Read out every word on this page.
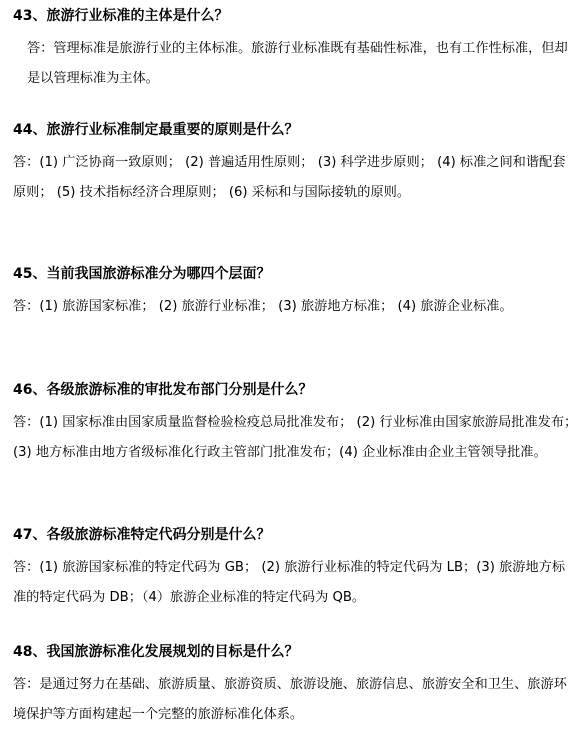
43、旅游行业标准的主体是什么？
答：管理标准是旅游行业的主体标准。旅游行业标准既有基础性标准，也有工作性标准，但却是以管理标准为主体。
44、旅游行业标准制定最重要的原则是什么？
答：(1) 广泛协商一致原则； (2) 普遍适用性原则； (3) 科学进步原则； (4) 标准之间和谐配套原则； (5) 技术指标经济合理原则； (6) 采标和与国际接轨的原则。
45、当前我国旅游标准分为哪四个层面？
答：(1) 旅游国家标准； (2) 旅游行业标准； (3) 旅游地方标准； (4) 旅游企业标准。
46、各级旅游标准的审批发布部门分别是什么？
答：(1) 国家标准由国家质量监督检验检疫总局批准发布； (2) 行业标准由国家旅游局批准发布； (3) 地方标准由地方省级标准化行政主管部门批准发布；(4) 企业标准由企业主管领导批准。
47、各级旅游标准特定代码分别是什么？
答：(1) 旅游国家标准的特定代码为 GB； (2) 旅游行业标准的特定代码为 LB；(3) 旅游地方标准的特定代码为 DB；（4）旅游企业标准的特定代码为 QB。
48、我国旅游标准化发展规划的目标是什么？
答：是通过努力在基础、旅游质量、旅游资质、旅游设施、旅游信息、旅游安全和卫生、旅游环境保护等方面构建起一个完整的旅游标准化体系。
